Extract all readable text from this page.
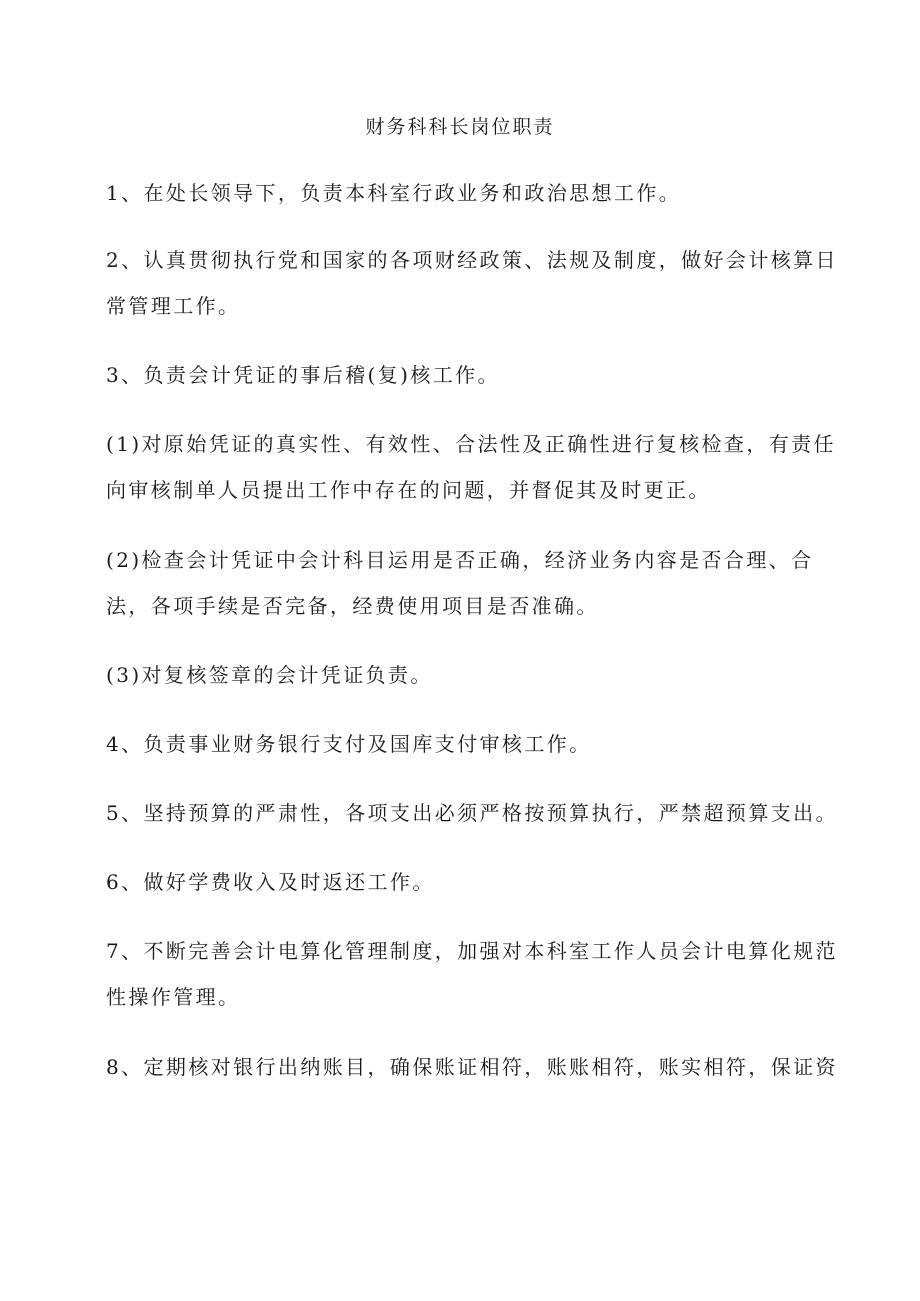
财务科科长岗位职责

1、在处长领导下，负责本科室行政业务和政治思想工作。

2、认真贯彻执行党和国家的各项财经政策、法规及制度，做好会计核算日
常管理工作。

3、负责会计凭证的事后稽(复)核工作。

(1)对原始凭证的真实性、有效性、合法性及正确性进行复核检查，有责任
向审核制单人员提出工作中存在的问题，并督促其及时更正。

(2)检查会计凭证中会计科目运用是否正确，经济业务内容是否合理、合
法，各项手续是否完备，经费使用项目是否准确。

(3)对复核签章的会计凭证负责。

4、负责事业财务银行支付及国库支付审核工作。

5、坚持预算的严肃性，各项支出必须严格按预算执行，严禁超预算支出。

6、做好学费收入及时返还工作。

7、不断完善会计电算化管理制度，加强对本科室工作人员会计电算化规范
性操作管理。

8、定期核对银行出纳账目，确保账证相符，账账相符，账实相符，保证资
